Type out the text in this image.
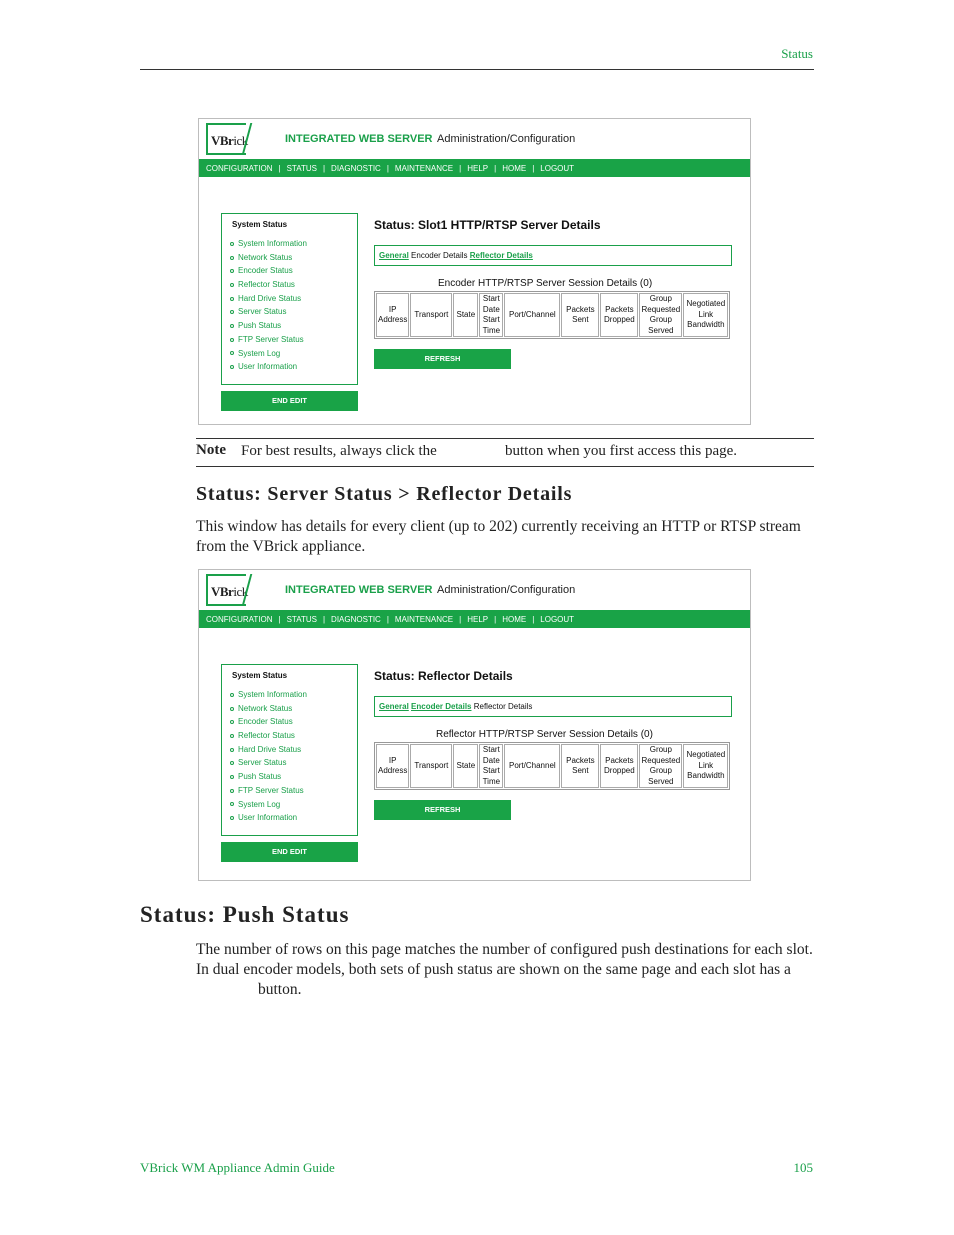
Status
VBrick	INTEGRATED WEB SERVER Administration/Configuration
CONFIGURATION | STATUS | DIAGNOSTIC | MAINTENANCE | HELP | HOME | LOGOUT
System Status
System Information
Network Status
Encoder Status
Reflector Status
Hard Drive Status
Server Status
Push Status
FTP Server Status
System Log
User Information
END EDIT
Status: Slot1 HTTP/RTSP Server Details
General Encoder Details Reflector Details
Encoder HTTP/RTSP Server Session Details (0)
IP Address	Transport	State	Start Date Start Time	Port/Channel	Packets Sent	Packets Dropped	Group Requested Group Served	Negotiated Link Bandwidth
REFRESH
Note For best results, always click the	button when you first access this page.
Status: Server Status > Reflector Details
This window has details for every client (up to 202) currently receiving an HTTP or RTSP stream from the VBrick appliance.
VBrick	INTEGRATED WEB SERVER Administration/Configuration
CONFIGURATION | STATUS | DIAGNOSTIC | MAINTENANCE | HELP | HOME | LOGOUT
System Status
System Information
Network Status
Encoder Status
Reflector Status
Hard Drive Status
Server Status
Push Status
FTP Server Status
System Log
User Information
END EDIT
Status: Reflector Details
General Encoder Details Reflector Details
Reflector HTTP/RTSP Server Session Details (0)
IP Address	Transport	State	Start Date Start Time	Port/Channel	Packets Sent	Packets Dropped	Group Requested Group Served	Negotiated Link Bandwidth
REFRESH
Status: Push Status
The number of rows on this page matches the number of configured push destinations for each slot. In dual encoder models, both sets of push status are shown on the same page and each slot has abutton.
VBrick WM Appliance Admin Guide	105
